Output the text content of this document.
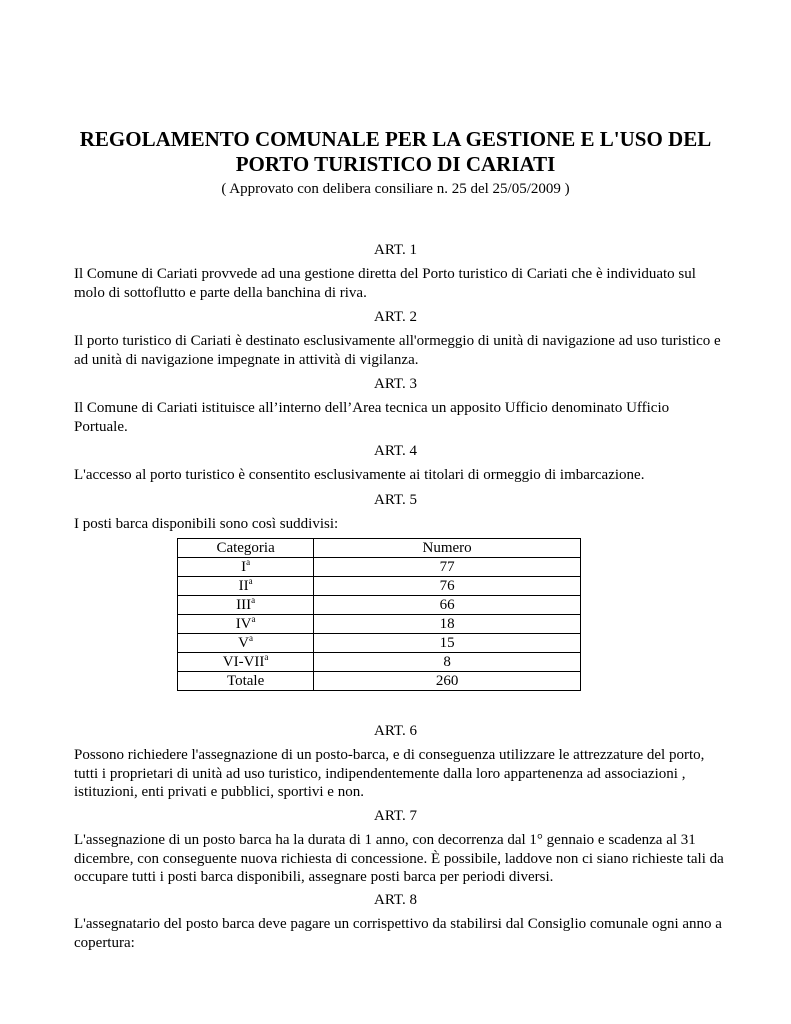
REGOLAMENTO COMUNALE PER LA GESTIONE E L'USO DEL
PORTO TURISTICO DI CARIATI

( Approvato con delibera consiliare n. 25 del 25/05/2009 )

ART. 1

Il Comune di Cariati provvede ad una gestione diretta del Porto turistico di Cariati che è individuato sul molo di sottoflutto e parte della banchina di riva.

ART. 2

Il porto turistico di Cariati è destinato esclusivamente all'ormeggio di unità di navigazione ad uso turistico e ad unità di navigazione impegnate in attività di vigilanza.

ART. 3

Il Comune di Cariati istituisce all’interno dell’Area tecnica un apposito Ufficio denominato Ufficio Portuale.

ART. 4

L'accesso al porto turistico è consentito esclusivamente ai titolari di ormeggio di imbarcazione.

ART. 5

I posti barca disponibili sono così suddivisi:

Categoria	Numero
$I^a$	77
$II^a$	76
III$^a$	66
$IV^a$	18
$V^a$	15
VI-VII$^a$	8
Totale	260

ART. 6

Possono richiedere l'assegnazione di un posto-barca, e di conseguenza utilizzare le attrezzature del porto, tutti i proprietari di unità ad uso turistico, indipendentemente dalla loro appartenenza ad associazioni , istituzioni, enti privati e pubblici, sportivi e non.

ART. 7

L'assegnazione di un posto barca ha la durata di 1 anno, con decorrenza dal 1° gennaio e scadenza al 31 dicembre, con conseguente nuova richiesta di concessione. È possibile, laddove non ci siano richieste tali da occupare tutti i posti barca disponibili, assegnare posti barca per periodi diversi.

ART. 8

L'assegnatario del posto barca deve pagare un corrispettivo da stabilirsi dal Consiglio comunale ogni anno a copertura:
